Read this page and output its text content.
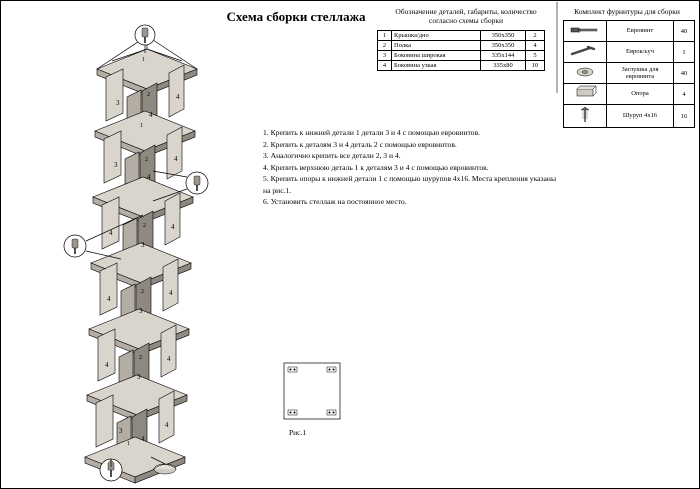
Схема сборки стеллажа	Обозначение деталей, габариты, количество
согласно схемы сборки
1	Крышка/дно	350x350	2
2	Полка	350x350	4
3	Боковина широкая	335x144	5
4	Боковина узкая	335x80	10
Комплект фурнитуры для сборки
	Евровинт	40
	Еврокључ	1
	Заглушка для евровинта	40
	Опора	4
	Шуруп 4х16	16
1. Крепить к нижней детали 1 детали 3 и 4 с помощью евровинтов.
2. Крепить к деталям 3 и 4 деталь 2 с помощью евровинтов.
3. Аналогично крепить все детали 2, 3 и 4.
4. Крепить верхнюю деталь 1 к деталям 3 и 4 с помощью евровинтов.
5. Крепить опоры к нижней детали 1 с помощью шурупов 4х16. Места крепления указаны на рис.1.
6. Установить стеллаж на постоянное место.
Рис.1
3
4
4
2
1
3
4
4
2
1
4
3
4
2
4
3
4
2
4
3
4
2
3
4
4
1
